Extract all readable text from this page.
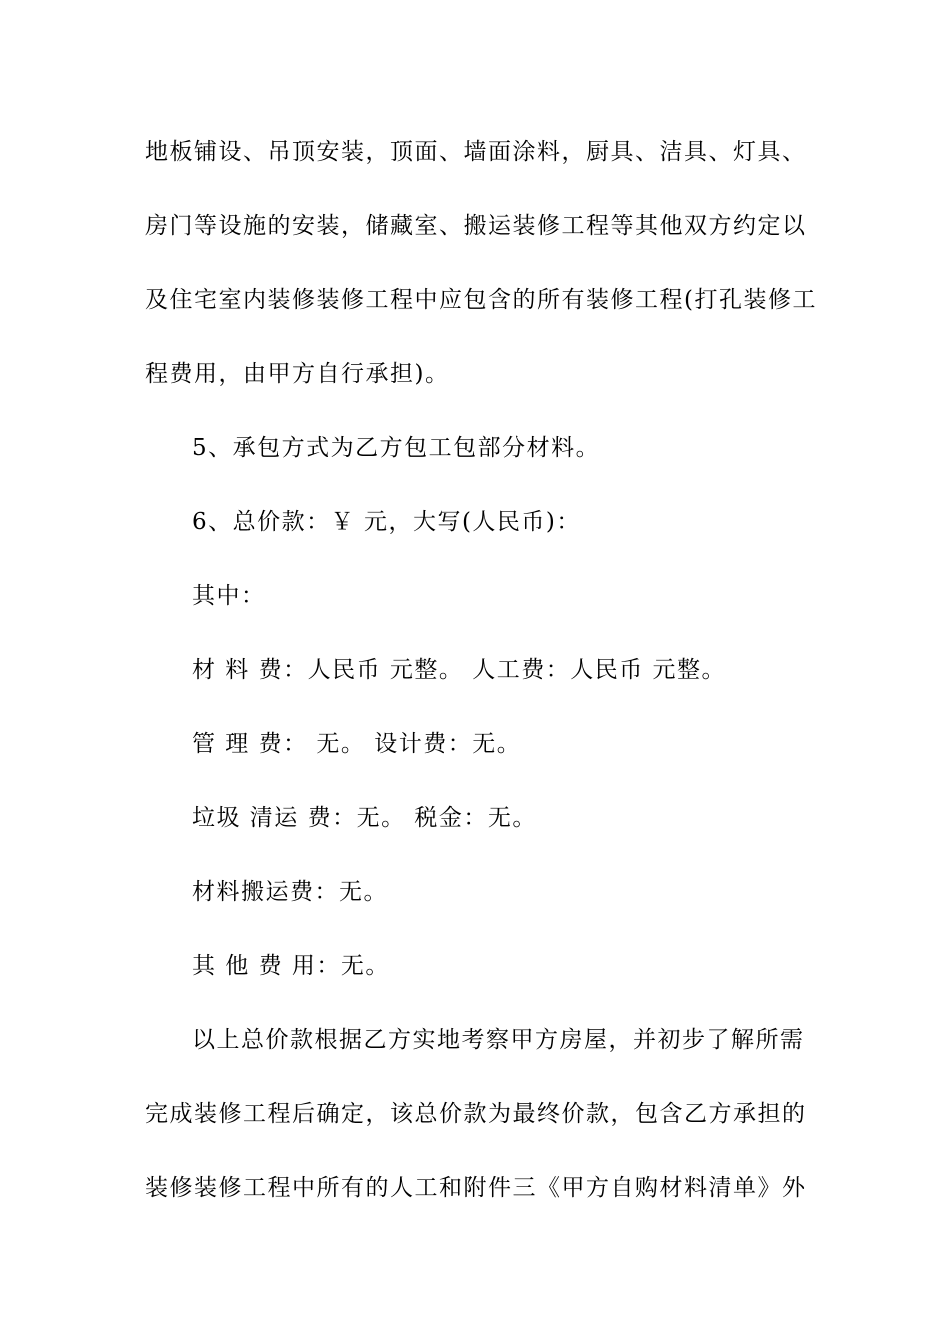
地板铺设、吊顶安装，顶面、墙面涂料，厨具、洁具、灯具、
房门等设施的安装，储藏室、搬运装修工程等其他双方约定以
及住宅室内装修装修工程中应包含的所有装修工程(打孔装修工
程费用，由甲方自行承担)。
5、承包方式为乙方包工包部分材料。
6、总价款：￥ 元，大写(人民币)：
其中：
材 料 费：人民币 元整。 人工费：人民币 元整。
管 理 费： 无。 设计费：无。
垃圾 清运 费：无。 税金：无。
材料搬运费：无。
其 他 费 用：无。
以上总价款根据乙方实地考察甲方房屋，并初步了解所需
完成装修工程后确定，该总价款为最终价款，包含乙方承担的
装修装修工程中所有的人工和附件三《甲方自购材料清单》外
